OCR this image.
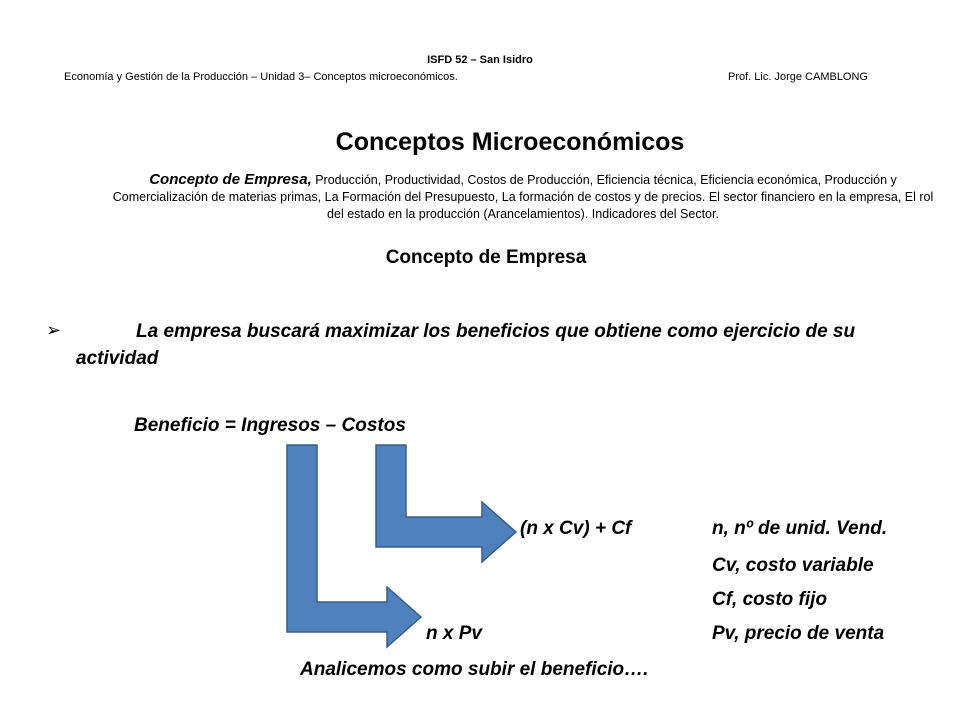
ISFD 52 – San Isidro
Economía y Gestión de la Producción – Unidad 3– Conceptos microeconómicos.	Prof. Lic. Jorge CAMBLONG
Conceptos Microeconómicos
Concepto de Empresa, Producción, Productividad, Costos de Producción, Eficiencia técnica, Eficiencia económica, Producción y Comercialización de materias primas, La Formación del Presupuesto, La formación de costos y de precios. El sector financiero en la empresa, El rol del estado en la producción (Arancelamientos). Indicadores del Sector.
Concepto de Empresa
➢	La empresa buscará maximizar los beneficios que obtiene como ejercicio de su actividad
Beneficio = Ingresos – Costos
(n x Cv) + Cf
n x Pv
n, nº de unid. Vend.
Cv, costo variable
Cf, costo fijo
Pv, precio de venta
Analicemos como subir el beneficio….
